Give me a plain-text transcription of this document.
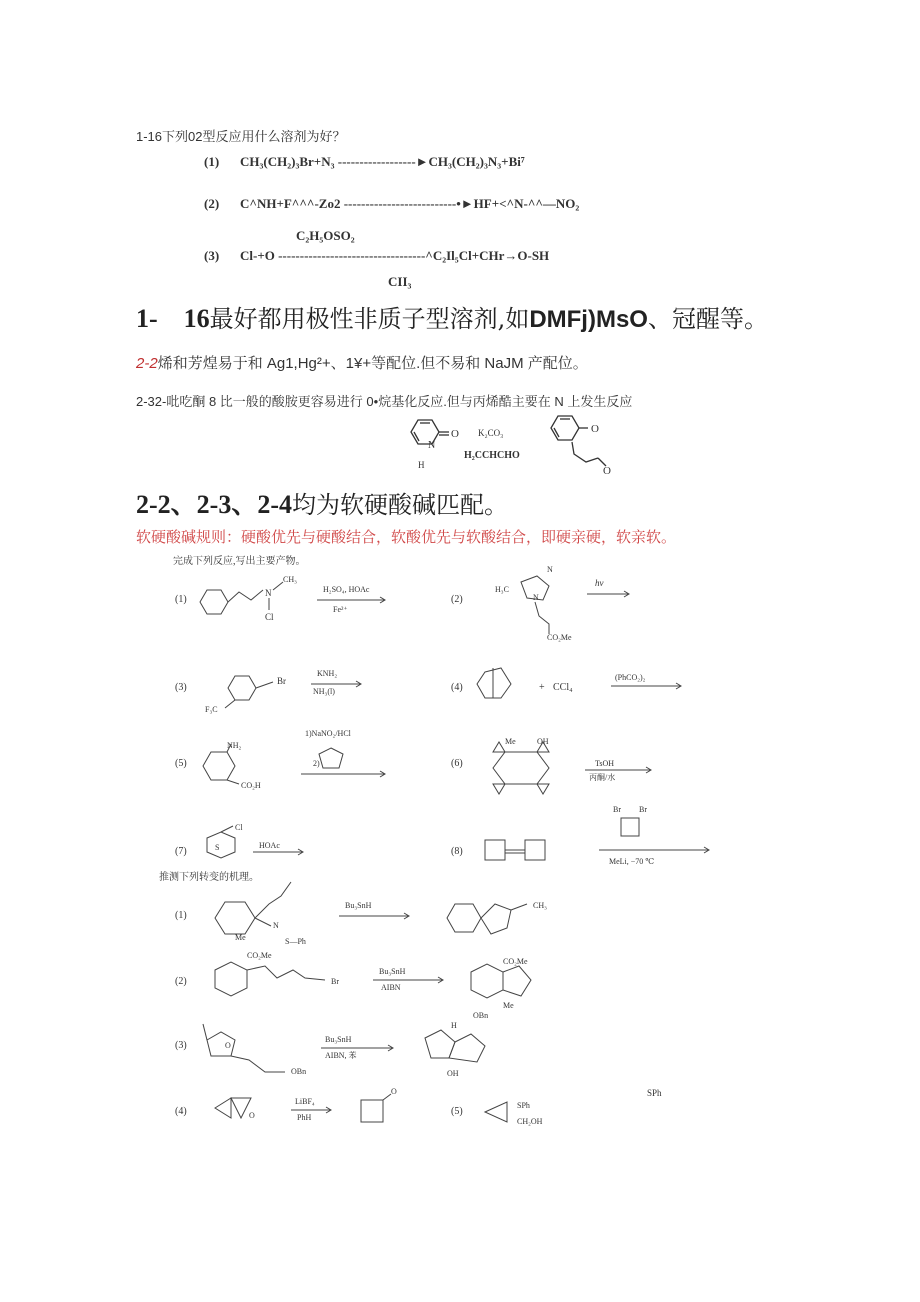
1-16下列02型反应用什么溶剂为好？
(1) CH₃(CH₂)₃Br+N₃ ------------------►CH₃(CH₂)₃N₃+Bi⁷
(2) C^NH+F^^^-Zo2 --------------------------•►HF+<^N-^^—NO₂
C₂H₅OSO₂
(3) Cl-+O ----------------------------------^C₂Il₅Cl+CHr→O-SH
CII₃
1-　16最好都用极性非质子型溶剂,如DMFj)MsO、冠醒等。
2-2烯和芳煌易于和 Ag1,Hg²+、1¥+等配位.但不易和 NaJM 产配位。
2-32-吡吃酮 8 比一般的酸胺更容易进行 0•烷基化反应.但与丙烯酷主要在 N 上发生反应
N
O
H
K₂CO₃
H₂CCHCHO
O
O
2-2、2-3、2-4均为软硬酸碱匹配。
软硬酸碱规则：硬酸优先与硬酸结合，软酸优先与软酸结合，即硬亲硬，软亲软。
完成下列反应,写出主要产物。
(1)
N
CH₃
Cl
H₂SO₄, HOAc
Fe²⁺
(2)
H₃C
N
N
CO₂Me
hν
(3)
Br
F₃C
KNH₂
NH₃(l)	(4)	+ CCl₄
(PhCO₂)₂
(5)
NH₂
CO₂H
1)NaNO₂/HCl
2)	(6)
Me	OH
TsOH
丙酮/水
(7)
Cl
S	HOAc
(8)
Br Br
MeLi, −70 ℃
推测下列转变的机理。
(1)
Me
N
S—Ph
Bu₃SnH	CH₃
(2)
CO₂Me
Br
Bu₃SnH
AIBN
CO₂Me
Me
(3)	O
OBn
Bu₃SnH
AIBN, 苯
H
OBn
OH
(4)	O
LiBF₄
PhH
O
(5)
SPh
CH₂OH
SPh
